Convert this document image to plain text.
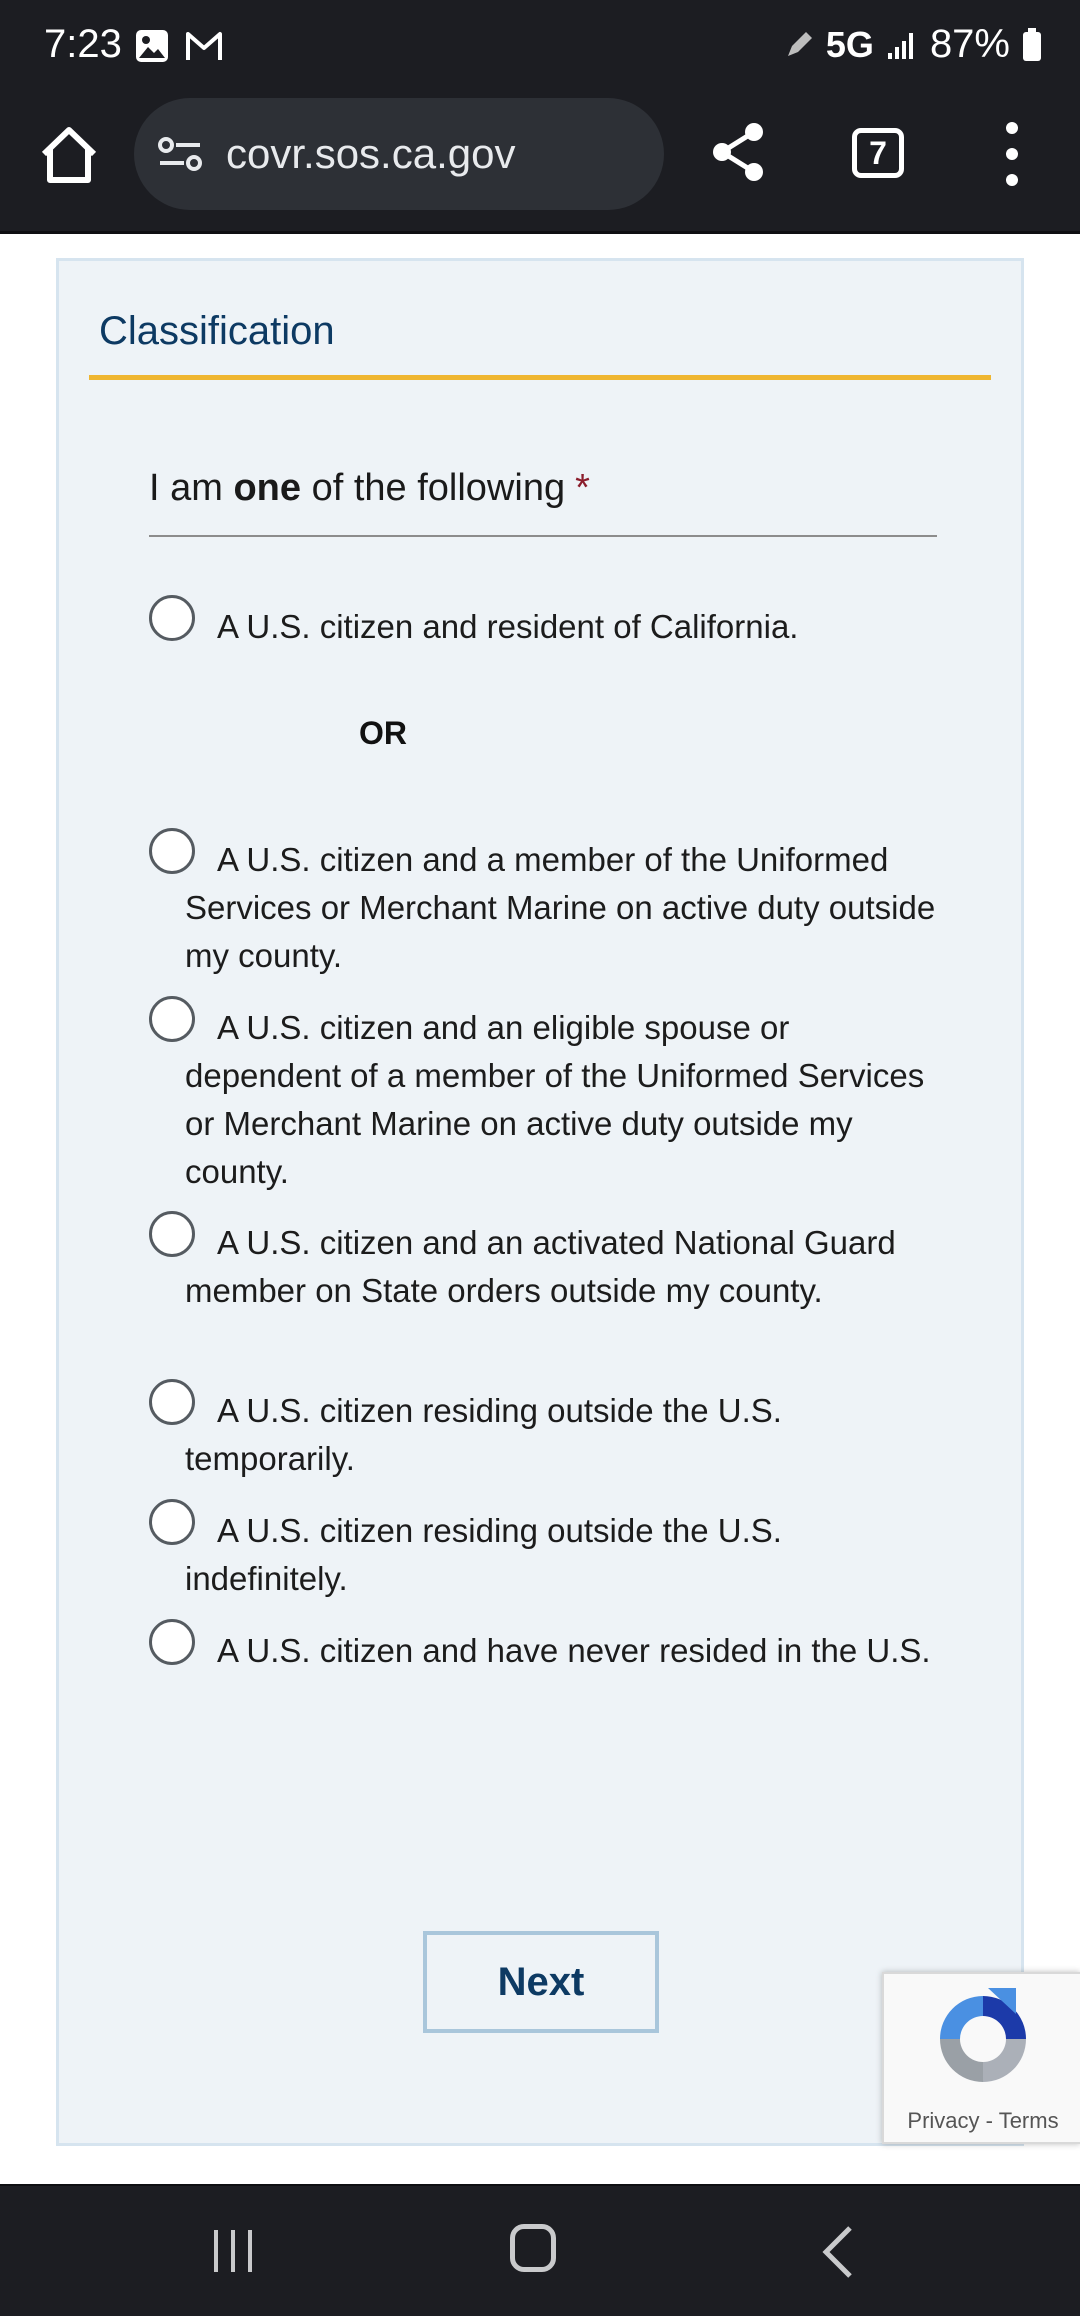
7:23	5G 87%
covr.sos.ca.gov	7
Classification
I am one of the following *
A U.S. citizen and resident of California.
OR
A U.S. citizen and a member of the Uniformed Services or Merchant Marine on active duty outside my county.
A U.S. citizen and an eligible spouse or dependent of a member of the Uniformed Services or Merchant Marine on active duty outside my county.
A U.S. citizen and an activated National Guard member on State orders outside my county.
A U.S. citizen residing outside the U.S. temporarily.
A U.S. citizen residing outside the U.S. indefinitely.
A U.S. citizen and have never resided in the U.S.
Next
Privacy - Terms
